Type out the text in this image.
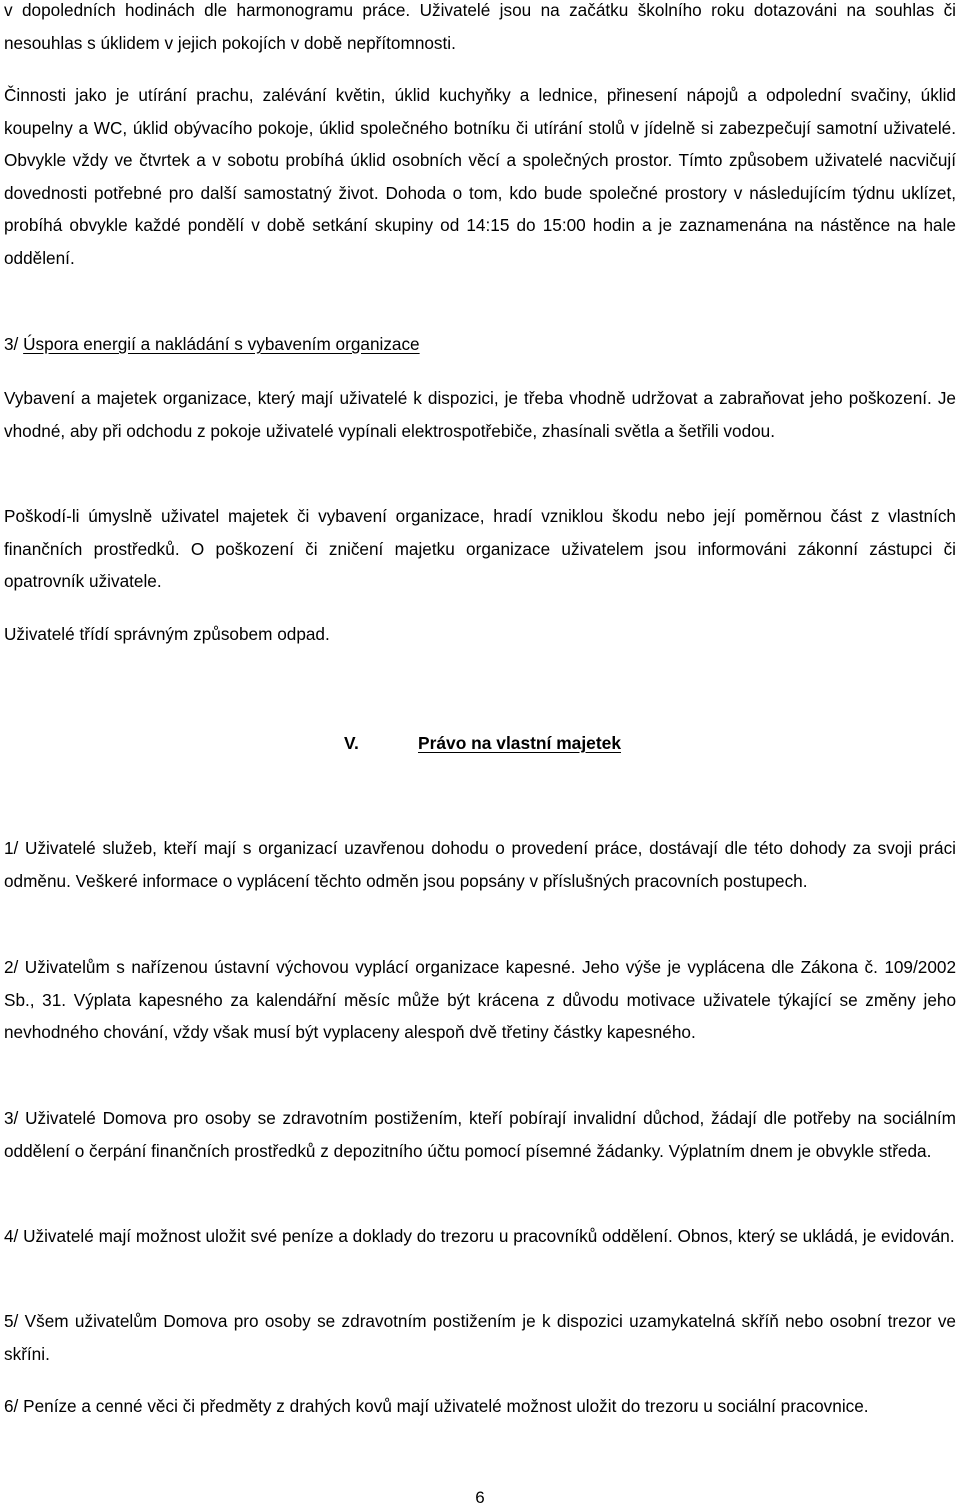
v dopoledních hodinách dle harmonogramu práce. Uživatelé jsou na začátku školního roku dotazováni na souhlas či nesouhlas s úklidem v jejich pokojích v době nepřítomnosti.

Činnosti jako je utírání prachu, zalévání květin, úklid kuchyňky a lednice, přinesení nápojů a odpolední svačiny, úklid koupelny a WC, úklid obývacího pokoje, úklid společného botníku či utírání stolů v jídelně si zabezpečují samotní uživatelé. Obvykle vždy ve čtvrtek a v sobotu probíhá úklid osobních věcí a společných prostor. Tímto způsobem uživatelé nacvičují dovednosti potřebné pro další samostatný život. Dohoda o tom, kdo bude společné prostory v následujícím týdnu uklízet, probíhá obvykle každé pondělí v době setkání skupiny od 14:15 do 15:00 hodin a je zaznamenána na nástěnce na hale oddělení.

3/ Úspora energií a nakládání s vybavením organizace

Vybavení a majetek organizace, který mají uživatelé k dispozici, je třeba vhodně udržovat a zabraňovat jeho poškození. Je vhodné, aby při odchodu z pokoje uživatelé vypínali elektrospotřebiče, zhasínali světla a šetřili vodou.

Poškodí-li úmyslně uživatel majetek či vybavení organizace, hradí vzniklou škodu nebo její poměrnou část z vlastních finančních prostředků. O poškození či zničení majetku organizace uživatelem jsou informováni zákonní zástupci či opatrovník uživatele.

Uživatelé třídí správným způsobem odpad.

V.	Právo na vlastní majetek

1/ Uživatelé služeb, kteří mají s organizací uzavřenou dohodu o provedení práce, dostávají dle této dohody za svoji práci odměnu. Veškeré informace o vyplácení těchto odměn jsou popsány v příslušných pracovních postupech.

2/ Uživatelům s nařízenou ústavní výchovou vyplácí organizace kapesné. Jeho výše je vyplácena dle Zákona č. 109/2002 Sb., 31. Výplata kapesného za kalendářní měsíc může být krácena z důvodu motivace uživatele týkající se změny jeho nevhodného chování, vždy však musí být vyplaceny alespoň dvě třetiny částky kapesného.

3/ Uživatelé Domova pro osoby se zdravotním postižením, kteří pobírají invalidní důchod, žádají dle potřeby na sociálním oddělení o čerpání finančních prostředků z depozitního účtu pomocí písemné žádanky. Výplatním dnem je obvykle středa.

4/ Uživatelé mají možnost uložit své peníze a doklady do trezoru u pracovníků oddělení. Obnos, který se ukládá, je evidován.

5/ Všem uživatelům Domova pro osoby se zdravotním postižením je k dispozici uzamykatelná skříň nebo osobní trezor ve skříni.

6/ Peníze a cenné věci či předměty z drahých kovů mají uživatelé možnost uložit do trezoru u sociální pracovnice.

6
